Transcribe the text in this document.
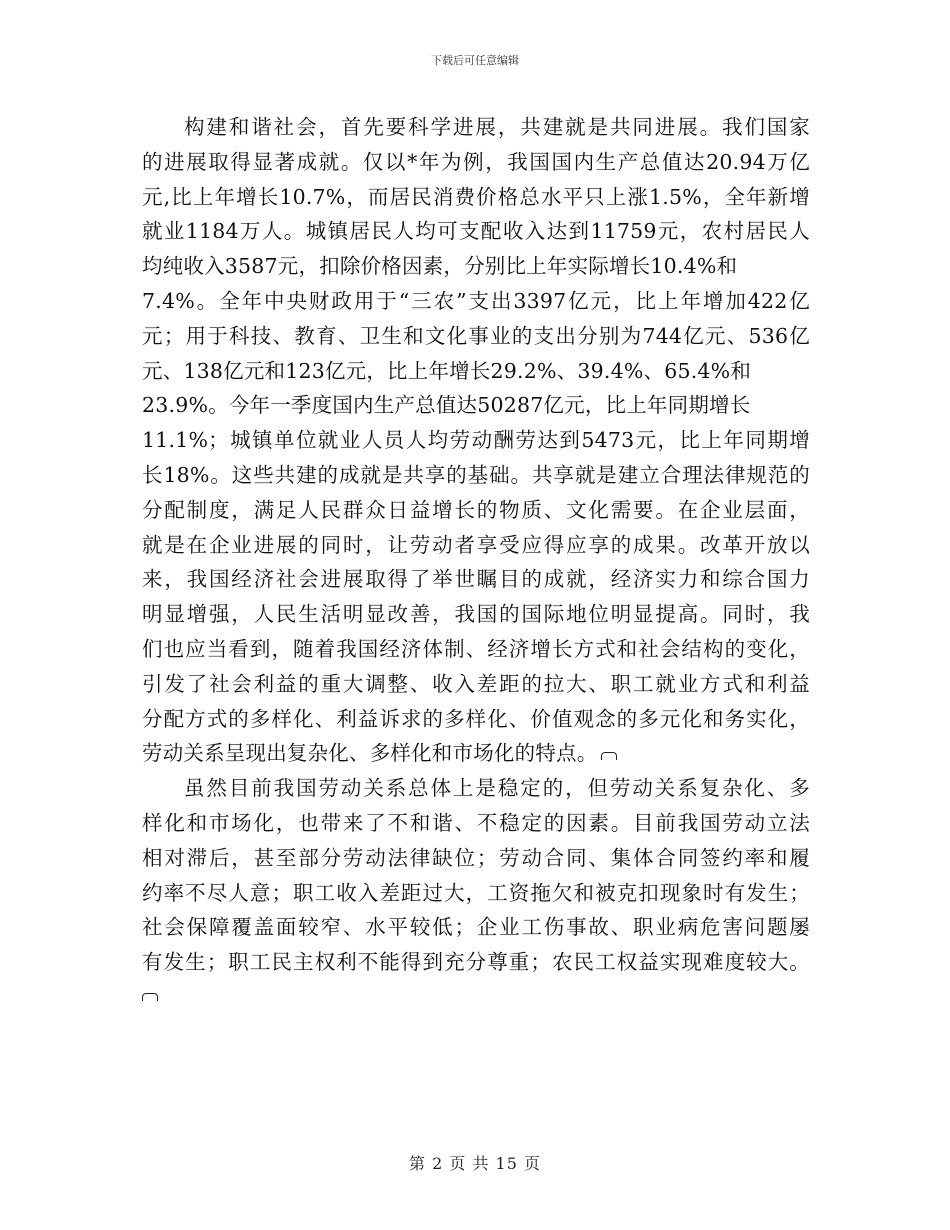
下载后可任意编辑

构建和谐社会，首先要科学进展，共建就是共同进展。我们国家
的进展取得显著成就。仅以*年为例，我国国内生产总值达20.94万亿
元,比上年增长10.7%，而居民消费价格总水平只上涨1.5%，全年新增
就业1184万人。城镇居民人均可支配收入达到11759元，农村居民人
均纯收入3587元，扣除价格因素，分别比上年实际增长10.4%和
7.4%。全年中央财政用于“三农”支出3397亿元，比上年增加422亿
元；用于科技、教育、卫生和文化事业的支出分别为744亿元、536亿
元、138亿元和123亿元，比上年增长29.2%、39.4%、65.4%和
23.9%。今年一季度国内生产总值达50287亿元，比上年同期增长
11.1%；城镇单位就业人员人均劳动酬劳达到5473元，比上年同期增
长18%。这些共建的成就是共享的基础。共享就是建立合理法律规范的
分配制度，满足人民群众日益增长的物质、文化需要。在企业层面，
就是在企业进展的同时，让劳动者享受应得应享的成果。改革开放以
来，我国经济社会进展取得了举世瞩目的成就，经济实力和综合国力
明显增强，人民生活明显改善，我国的国际地位明显提高。同时，我
们也应当看到，随着我国经济体制、经济增长方式和社会结构的变化，
引发了社会利益的重大调整、收入差距的拉大、职工就业方式和利益
分配方式的多样化、利益诉求的多样化、价值观念的多元化和务实化，
劳动关系呈现出复杂化、多样化和市场化的特点。

虽然目前我国劳动关系总体上是稳定的，但劳动关系复杂化、多
样化和市场化，也带来了不和谐、不稳定的因素。目前我国劳动立法
相对滞后，甚至部分劳动法律缺位；劳动合同、集体合同签约率和履
约率不尽人意；职工收入差距过大，工资拖欠和被克扣现象时有发生；
社会保障覆盖面较窄、水平较低；企业工伤事故、职业病危害问题屡
有发生；职工民主权利不能得到充分尊重；农民工权益实现难度较大。

第 2 页 共 15 页
